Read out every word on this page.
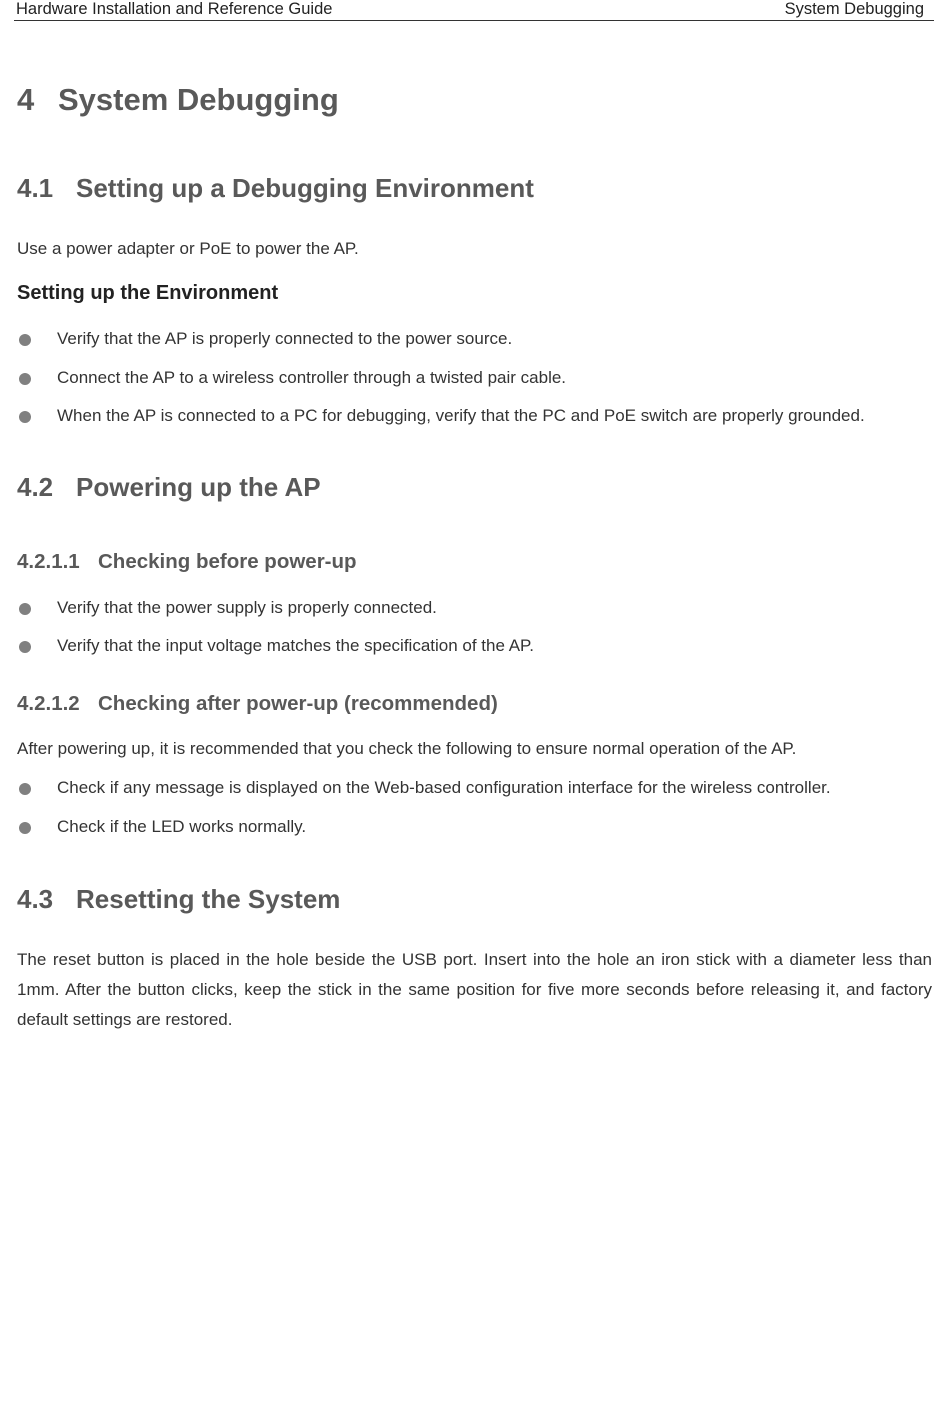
Hardware Installation and Reference Guide	System Debugging
4 System Debugging
4.1 Setting up a Debugging Environment
Use a power adapter or PoE to power the AP.
Setting up the Environment
Verify that the AP is properly connected to the power source.
Connect the AP to a wireless controller through a twisted pair cable.
When the AP is connected to a PC for debugging, verify that the PC and PoE switch are properly grounded.
4.2 Powering up the AP
4.2.1.1 Checking before power-up
Verify that the power supply is properly connected.
Verify that the input voltage matches the specification of the AP.
4.2.1.2 Checking after power-up (recommended)
After powering up, it is recommended that you check the following to ensure normal operation of the AP.
Check if any message is displayed on the Web-based configuration interface for the wireless controller.
Check if the LED works normally.
4.3 Resetting the System
The reset button is placed in the hole beside the USB port. Insert into the hole an iron stick with a diameter less than 1mm. After the button clicks, keep the stick in the same position for five more seconds before releasing it, and factory default settings are restored.
